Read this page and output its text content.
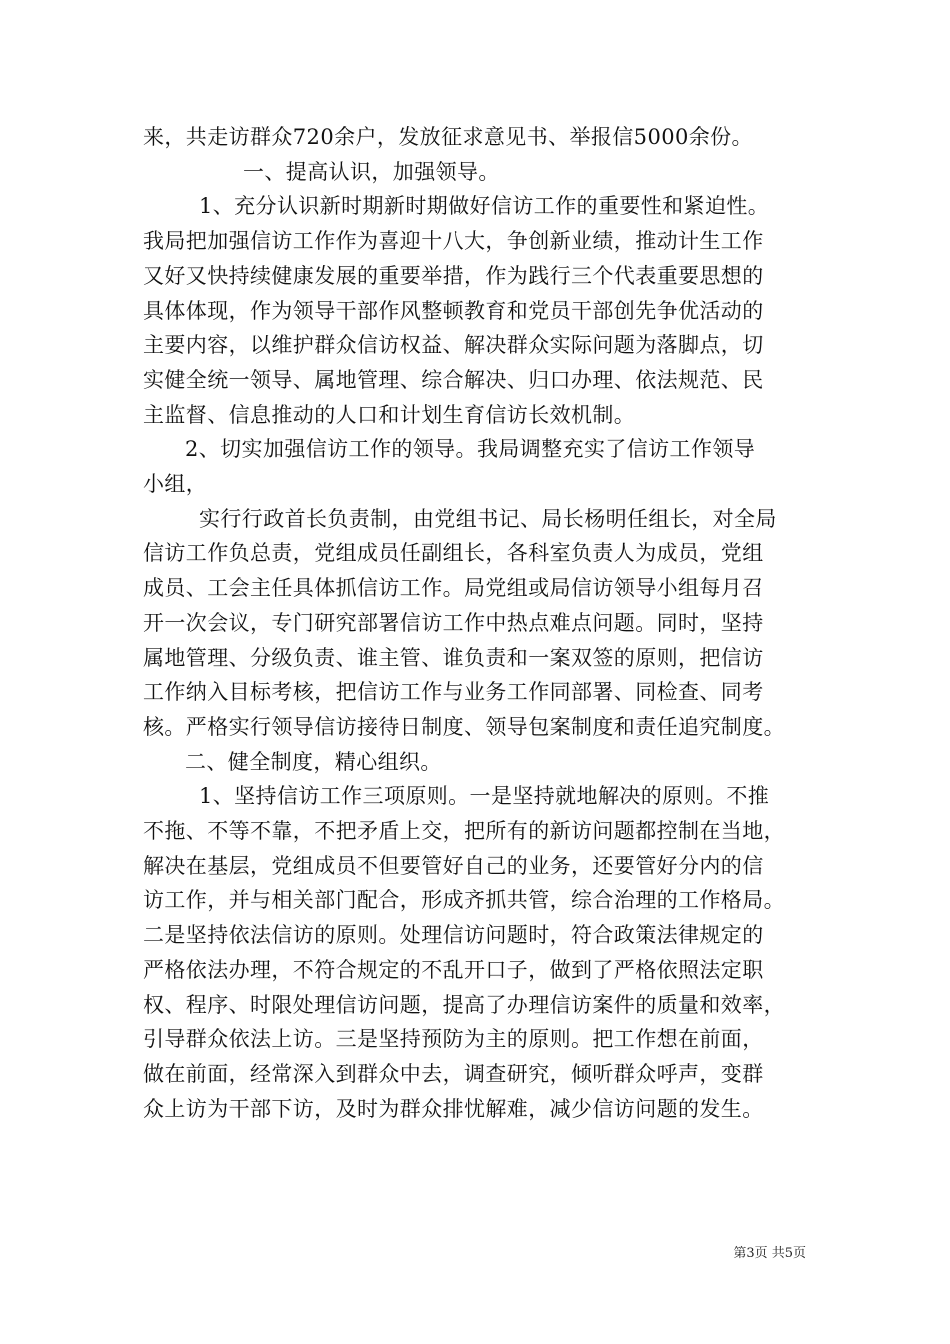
来，共走访群众720余户，发放征求意见书、举报信5000余份。

一、提高认识，加强领导。

1、充分认识新时期新时期做好信访工作的重要性和紧迫性。
我局把加强信访工作作为喜迎十八大，争创新业绩，推动计生工作
又好又快持续健康发展的重要举措，作为践行三个代表重要思想的
具体体现，作为领导干部作风整顿教育和党员干部创先争优活动的
主要内容，以维护群众信访权益、解决群众实际问题为落脚点，切
实健全统一领导、属地管理、综合解决、归口办理、依法规范、民
主监督、信息推动的人口和计划生育信访长效机制。

2、切实加强信访工作的领导。我局调整充实了信访工作领导
小组，

实行行政首长负责制，由党组书记、局长杨明任组长，对全局
信访工作负总责，党组成员任副组长，各科室负责人为成员，党组
成员、工会主任具体抓信访工作。局党组或局信访领导小组每月召
开一次会议，专门研究部署信访工作中热点难点问题。同时，坚持
属地管理、分级负责、谁主管、谁负责和一案双签的原则，把信访
工作纳入目标考核，把信访工作与业务工作同部署、同检查、同考
核。严格实行领导信访接待日制度、领导包案制度和责任追究制度。

二、健全制度，精心组织。

1、坚持信访工作三项原则。一是坚持就地解决的原则。不推
不拖、不等不靠，不把矛盾上交，把所有的新访问题都控制在当地，
解决在基层，党组成员不但要管好自己的业务，还要管好分内的信
访工作，并与相关部门配合，形成齐抓共管，综合治理的工作格局。
二是坚持依法信访的原则。处理信访问题时，符合政策法律规定的
严格依法办理，不符合规定的不乱开口子，做到了严格依照法定职
权、程序、时限处理信访问题，提高了办理信访案件的质量和效率，
引导群众依法上访。三是坚持预防为主的原则。把工作想在前面，
做在前面，经常深入到群众中去，调查研究，倾听群众呼声，变群
众上访为干部下访，及时为群众排忧解难，减少信访问题的发生。

第3页 共5页
